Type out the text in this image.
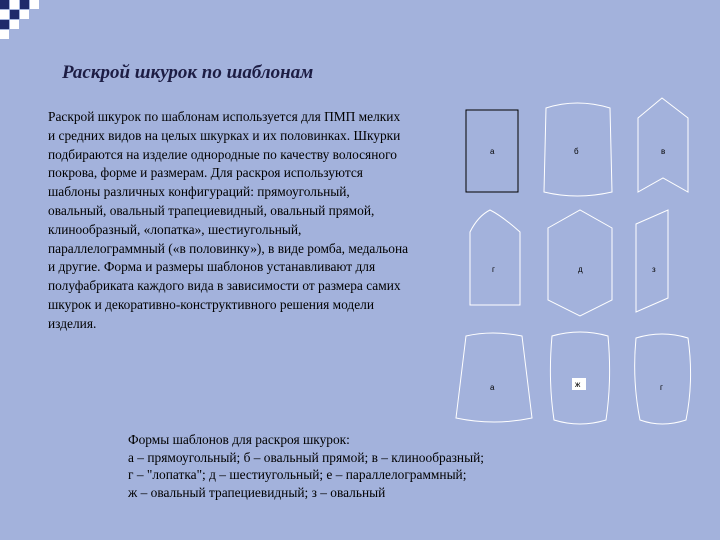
Раскрой шкурок по шаблонам
а	б	в
г	д	з
а	ж	г
Раскрой шкурок по шаблонам используется для ПМП мелких
и средних видов на целых шкурках и их половинках. Шкурки
подбираются на изделие однородные по качеству волосяного
покрова, форме и размерам. Для раскроя используются
шаблоны различных конфигураций: прямоугольный,
овальный, овальный трапециевидный, овальный прямой,
клинообразный, «лопатка», шестиугольный,
параллелограммный («в половинку»), в виде ромба, медальона
и другие. Форма и размеры шаблонов устанавливают для
полуфабриката каждого вида в зависимости от размера самих
шкурок и декоративно-конструктивного решения модели
изделия.
Формы шаблонов для раскроя шкурок:
а – прямоугольный; б – овальный прямой; в – клинообразный;
г – "лопатка"; д – шестиугольный; е – параллелограммный;
ж – овальный трапециевидный; з – овальный
